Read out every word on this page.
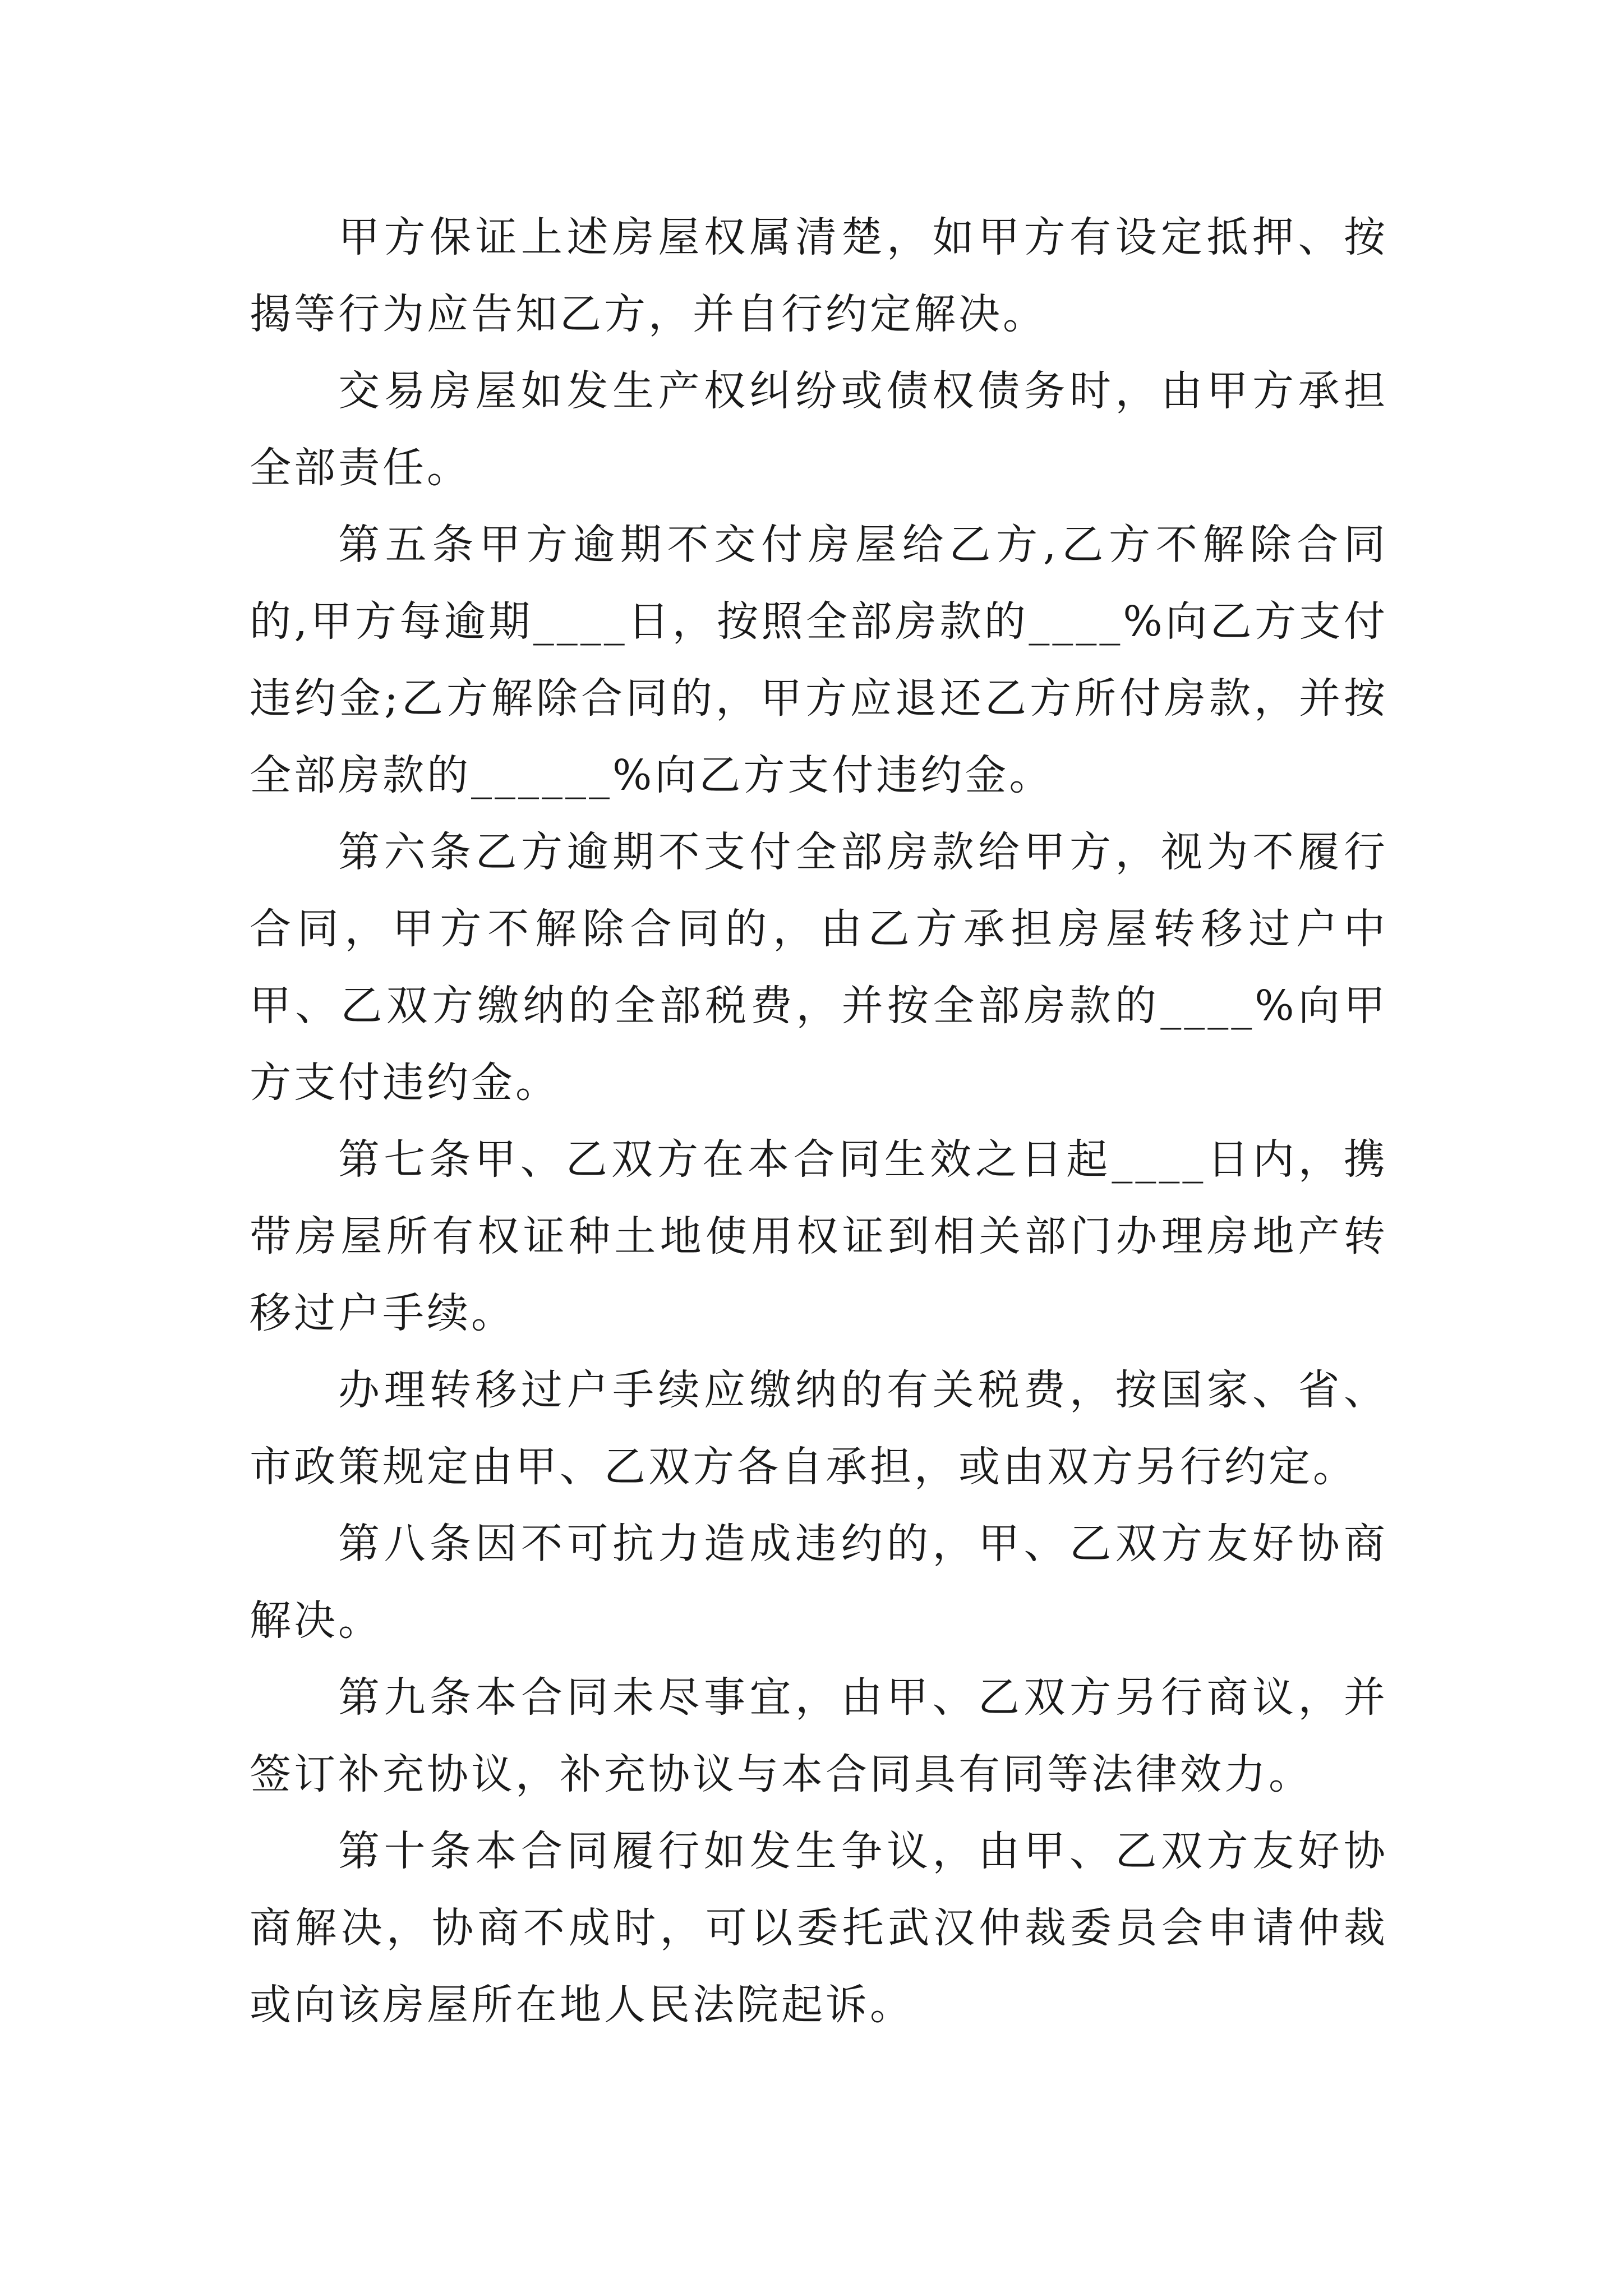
甲方保证上述房屋权属清楚，如甲方有设定抵押、按揭等行为应告知乙方，并自行约定解决。

交易房屋如发生产权纠纷或债权债务时，由甲方承担全部责任。

第五条甲方逾期不交付房屋给乙方,乙方不解除合同的,甲方每逾期____日，按照全部房款的____%向乙方支付违约金;乙方解除合同的，甲方应退还乙方所付房款，并按全部房款的______%向乙方支付违约金。

第六条乙方逾期不支付全部房款给甲方，视为不履行合同，甲方不解除合同的，由乙方承担房屋转移过户中甲、乙双方缴纳的全部税费，并按全部房款的____%向甲方支付违约金。

第七条甲、乙双方在本合同生效之日起____日内，携带房屋所有权证种土地使用权证到相关部门办理房地产转移过户手续。

办理转移过户手续应缴纳的有关税费，按国家、省、市政策规定由甲、乙双方各自承担，或由双方另行约定。

第八条因不可抗力造成违约的，甲、乙双方友好协商解决。

第九条本合同未尽事宜，由甲、乙双方另行商议，并签订补充协议，补充协议与本合同具有同等法律效力。

第十条本合同履行如发生争议，由甲、乙双方友好协商解决，协商不成时，可以委托武汉仲裁委员会申请仲裁或向该房屋所在地人民法院起诉。
